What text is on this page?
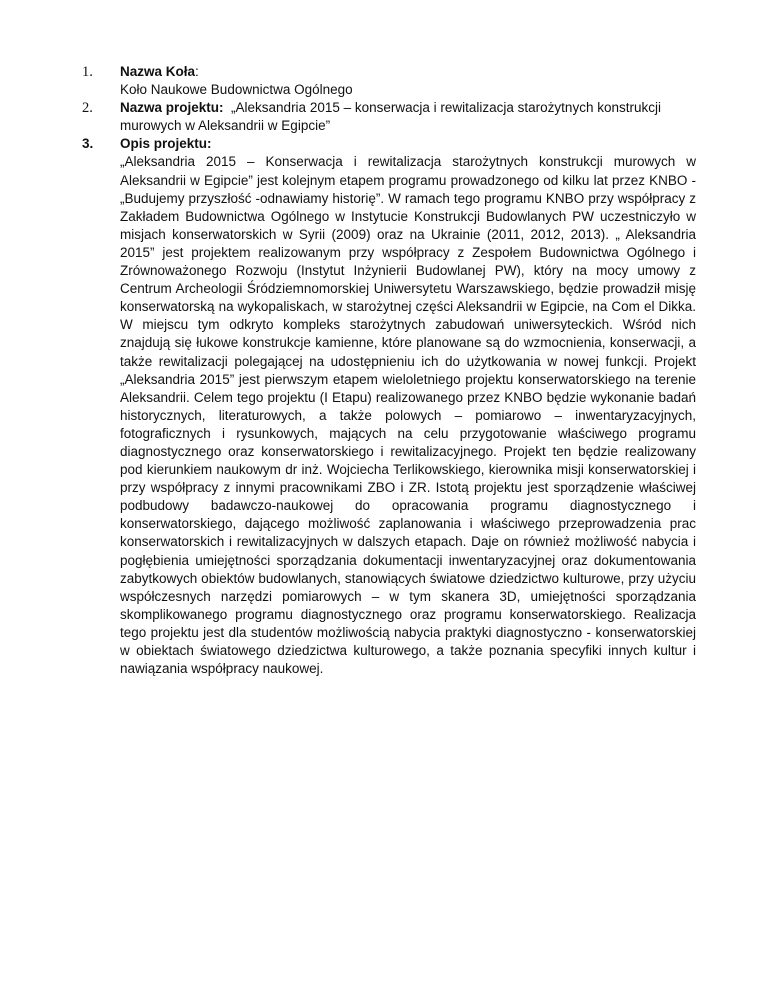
1.	Nazwa Koła:
Koło Naukowe Budownictwa Ogólnego
2.	Nazwa projektu:  „Aleksandria 2015 – konserwacja i rewitalizacja starożytnych konstrukcji murowych w Aleksandrii w Egipcie”
3.	Opis projektu:
„Aleksandria 2015 – Konserwacja i rewitalizacja starożytnych konstrukcji murowych w Aleksandrii w Egipcie” jest kolejnym etapem programu prowadzonego od kilku lat przez KNBO - „Budujemy przyszłość -odnawiamy historię”. W ramach tego programu KNBO przy współpracy z Zakładem Budownictwa Ogólnego w Instytucie Konstrukcji Budowlanych PW uczestniczyło w misjach konserwatorskich w Syrii (2009) oraz na Ukrainie (2011, 2012, 2013). „ Aleksandria 2015” jest projektem realizowanym przy współpracy z Zespołem Budownictwa Ogólnego i Zrównoważonego Rozwoju (Instytut Inżynierii Budowlanej PW), który na mocy umowy z Centrum Archeologii Śródziemnomorskiej Uniwersytetu Warszawskiego, będzie prowadził misję konserwatorską na wykopaliskach, w starożytnej części Aleksandrii w Egipcie, na Com el Dikka. W miejscu tym odkryto kompleks starożytnych zabudowań uniwersyteckich. Wśród nich znajdują się łukowe konstrukcje kamienne, które planowane są do wzmocnienia, konserwacji, a także rewitalizacji polegającej na udostępnieniu ich do użytkowania w nowej funkcji. Projekt „Aleksandria 2015” jest pierwszym etapem wieloletniego projektu konserwatorskiego na terenie Aleksandrii. Celem tego projektu (I Etapu) realizowanego przez KNBO będzie wykonanie badań historycznych, literaturowych, a także polowych – pomiarowo – inwentaryzacyjnych, fotograficznych i rysunkowych, mających na celu przygotowanie właściwego programu diagnostycznego oraz konserwatorskiego i rewitalizacyjnego. Projekt ten będzie realizowany pod kierunkiem naukowym dr inż. Wojciecha Terlikowskiego, kierownika misji konserwatorskiej i przy współpracy z innymi pracownikami ZBO i ZR. Istotą projektu jest sporządzenie właściwej podbudowy badawczo-naukowej do opracowania programu diagnostycznego i konserwatorskiego, dającego możliwość zaplanowania i właściwego przeprowadzenia prac konserwatorskich i rewitalizacyjnych w dalszych etapach. Daje on również możliwość nabycia i pogłębienia umiejętności sporządzania dokumentacji inwentaryzacyjnej oraz dokumentowania zabytkowych obiektów budowlanych, stanowiących światowe dziedzictwo kulturowe, przy użyciu współczesnych narzędzi pomiarowych – w tym skanera 3D, umiejętności sporządzania skomplikowanego programu diagnostycznego oraz programu konserwatorskiego. Realizacja tego projektu jest dla studentów możliwością nabycia praktyki diagnostyczno - konserwatorskiej w obiektach światowego dziedzictwa kulturowego, a także poznania specyfiki innych kultur i nawiązania współpracy naukowej.
